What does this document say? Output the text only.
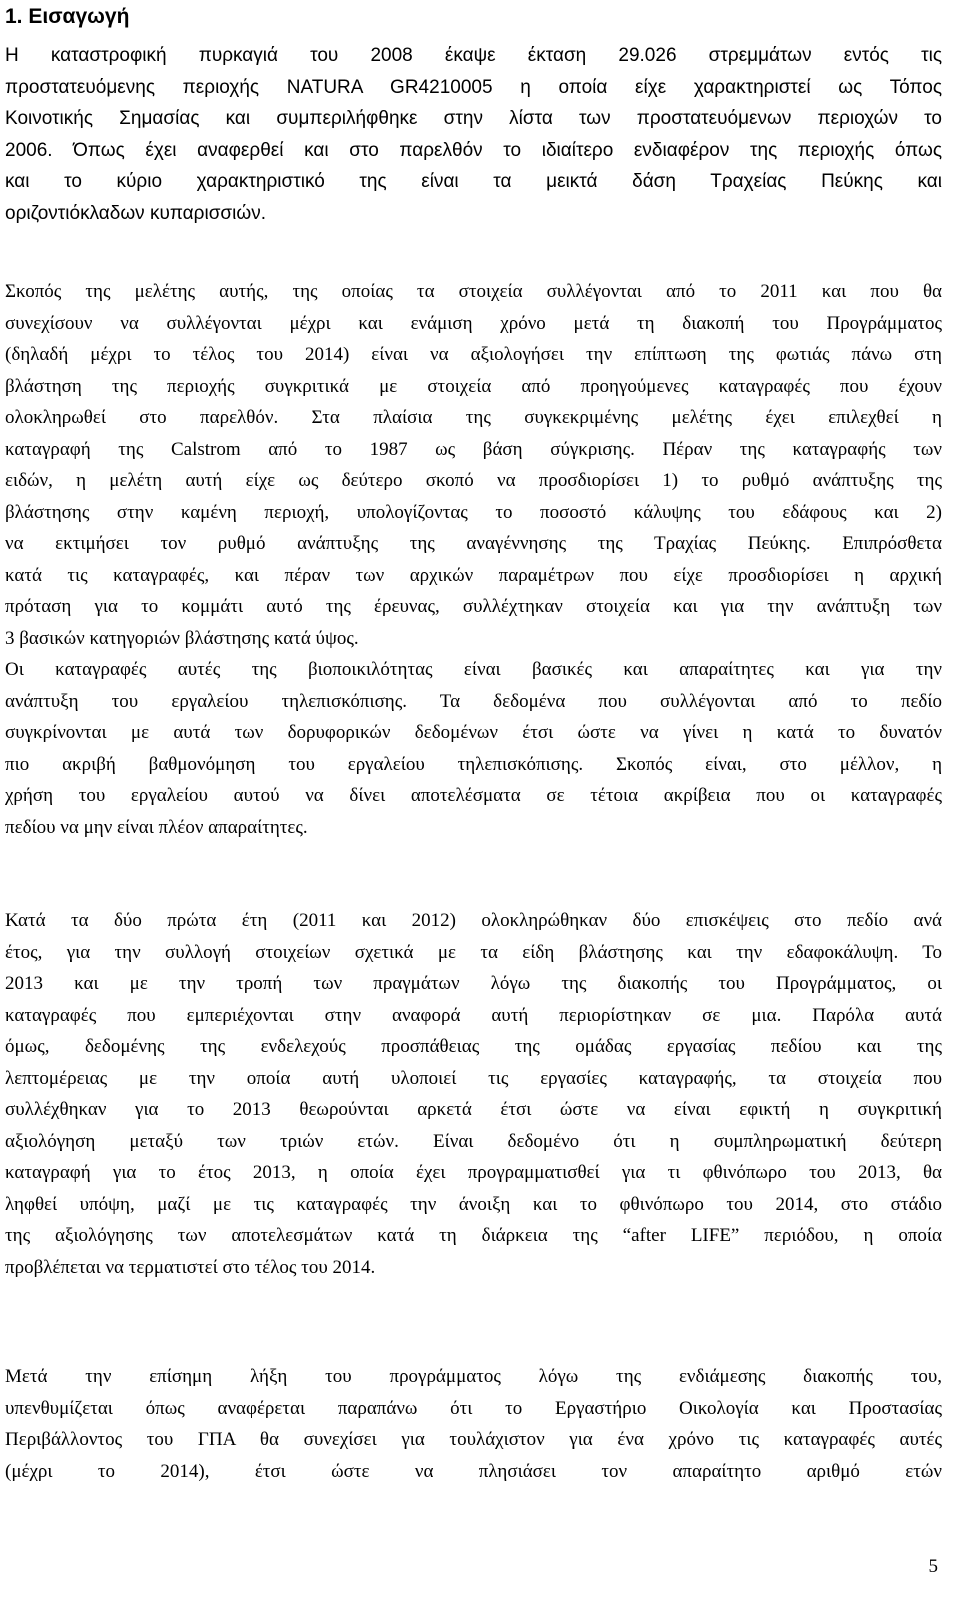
1. Εισαγωγή
Η καταστροφική πυρκαγιά του 2008 έκαψε έκταση 29.026 στρεμμάτων εντός τις
προστατευόμενης περιοχής NATURA GR4210005 η οποία είχε χαρακτηριστεί ως Τόπος
Κοινοτικής Σημασίας και συμπεριλήφθηκε στην λίστα των προστατευόμενων περιοχών το
2006. Όπως έχει αναφερθεί και στο παρελθόν το ιδιαίτερο ενδιαφέρον της περιοχής όπως
και το κύριο χαρακτηριστικό της είναι τα μεικτά δάση Τραχείας Πεύκης και
οριζοντιόκλαδων κυπαρισσιών.
Σκοπός της μελέτης αυτής, της οποίας τα στοιχεία συλλέγονται από το 2011 και που θα
συνεχίσουν να συλλέγονται μέχρι και ενάμιση χρόνο μετά τη διακοπή του Προγράμματος
(δηλαδή μέχρι το τέλος του 2014) είναι να αξιολογήσει την επίπτωση της φωτιάς πάνω στη
βλάστηση της περιοχής συγκριτικά με στοιχεία από προηγούμενες καταγραφές που έχουν
ολοκληρωθεί στο παρελθόν. Στα πλαίσια της συγκεκριμένης μελέτης έχει επιλεχθεί η
καταγραφή της Calstrom από το 1987 ως βάση σύγκρισης. Πέραν της καταγραφής των
ειδών, η μελέτη αυτή είχε ως δεύτερο σκοπό να προσδιορίσει 1) το ρυθμό ανάπτυξης της
βλάστησης στην καμένη περιοχή, υπολογίζοντας το ποσοστό κάλυψης του εδάφους και 2)
να εκτιμήσει τον ρυθμό ανάπτυξης της αναγέννησης της Τραχίας Πεύκης. Επιπρόσθετα
κατά τις καταγραφές, και πέραν των αρχικών παραμέτρων που είχε προσδιορίσει η αρχική
πρόταση για το κομμάτι αυτό της έρευνας, συλλέχτηκαν στοιχεία και για την ανάπτυξη των
3 βασικών κατηγοριών βλάστησης κατά ύψος.
Οι καταγραφές αυτές της βιοποικιλότητας είναι βασικές και απαραίτητες και για την
ανάπτυξη του εργαλείου τηλεπισκόπισης. Τα δεδομένα που συλλέγονται από το πεδίο
συγκρίνονται με αυτά των δορυφορικών δεδομένων έτσι ώστε να γίνει η κατά το δυνατόν
πιο ακριβή βαθμονόμηση του εργαλείου τηλεπισκόπισης. Σκοπός είναι, στο μέλλον, η
χρήση του εργαλείου αυτού να δίνει αποτελέσματα σε τέτοια ακρίβεια που οι καταγραφές
πεδίου να μην είναι πλέον απαραίτητες.
Κατά τα δύο πρώτα έτη (2011 και 2012) ολοκληρώθηκαν δύο επισκέψεις στο πεδίο ανά
έτος, για την συλλογή στοιχείων σχετικά με τα είδη βλάστησης και την εδαφοκάλυψη. Το
2013 και με την τροπή των πραγμάτων λόγω της διακοπής του Προγράμματος, οι
καταγραφές που εμπεριέχονται στην αναφορά αυτή περιορίστηκαν σε μια. Παρόλα αυτά
όμως, δεδομένης της ενδελεχούς προσπάθειας της ομάδας εργασίας πεδίου και της
λεπτομέρειας με την οποία αυτή υλοποιεί τις εργασίες καταγραφής, τα στοιχεία που
συλλέχθηκαν για το 2013 θεωρούνται αρκετά έτσι ώστε να είναι εφικτή η συγκριτική
αξιολόγηση μεταξύ των τριών ετών. Είναι δεδομένο ότι η συμπληρωματική δεύτερη
καταγραφή για το έτος 2013, η οποία έχει προγραμματισθεί για τι φθινόπωρο του 2013, θα
ληφθεί υπόψη, μαζί με τις καταγραφές την άνοιξη και το φθινόπωρο του 2014, στο στάδιο
της αξιολόγησης των αποτελεσμάτων κατά τη διάρκεια της “after LIFE” περιόδου, η οποία
προβλέπεται να τερματιστεί στο τέλος του 2014.
Μετά την επίσημη λήξη του προγράμματος λόγω της ενδιάμεσης διακοπής του,
υπενθυμίζεται όπως αναφέρεται παραπάνω ότι το Εργαστήριο Οικολογία και Προστασίας
Περιβάλλοντος του ΓΠΑ θα συνεχίσει για τουλάχιστον για ένα χρόνο τις καταγραφές αυτές
(μέχρι το 2014), έτσι ώστε να πλησιάσει τον απαραίτητο αριθμό ετών
5
